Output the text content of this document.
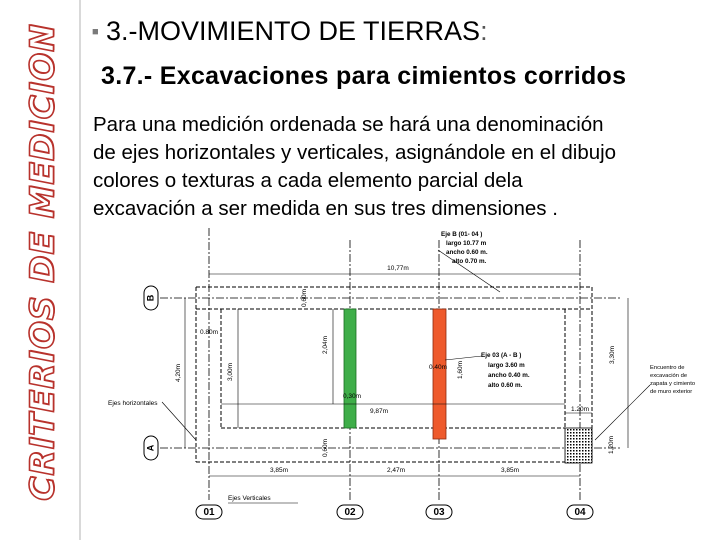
CRITERIOS DE MEDICION	■ 3.-MOVIMIENTO DE TIERRAS:
3.7.- Excavaciones para cimientos corridos
Para una medición ordenada se hará una denominación
de ejes horizontales y verticales, asignándole en el dibujo
colores o texturas a cada elemento parcial dela
excavación a ser medida en sus tres dimensiones .
B
A
01	02	03	04
10,77m
0,60m
0.80m
2,04m
4,20m	3,00m	0.40m 1,60m
0,30m
9,87m
3,30m
1.20m
1,20m
0,60m
3,85m	2,47m	3,85m
Ejes horizontales
Ejes Verticales
Eje B (01- 04 )
largo 10.77 m
ancho 0.60 m.
alto 0.70 m.
Eje 03 (A - B )
largo 3.60 m
ancho 0.40 m.
alto 0.60 m.
Encuentro de
excavación de
zapata y cimiento
de muro exterior
